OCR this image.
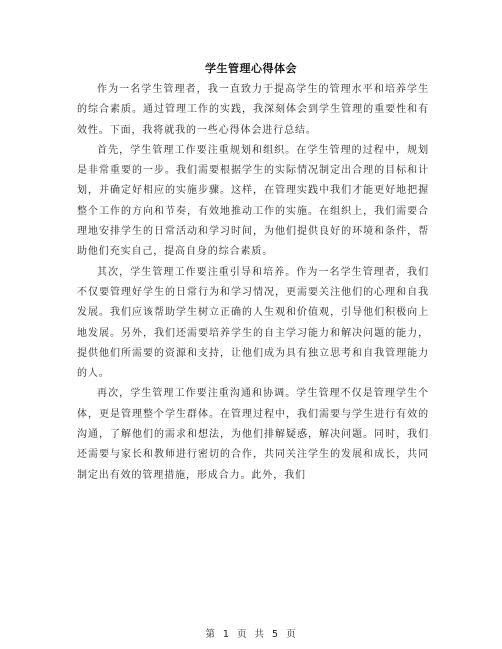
学生管理心得体会

作为一名学生管理者，我一直致力于提高学生的管理水平和培养学生的综合素质。通过管理工作的实践，我深刻体会到学生管理的重要性和有效性。下面，我将就我的一些心得体会进行总结。

首先，学生管理工作要注重规划和组织。在学生管理的过程中，规划是非常重要的一步。我们需要根据学生的实际情况制定出合理的目标和计划，并确定好相应的实施步骤。这样，在管理实践中我们才能更好地把握整个工作的方向和节奏，有效地推动工作的实施。在组织上，我们需要合理地安排学生的日常活动和学习时间，为他们提供良好的环境和条件，帮助他们充实自己，提高自身的综合素质。

其次，学生管理工作要注重引导和培养。作为一名学生管理者，我们不仅要管理好学生的日常行为和学习情况，更需要关注他们的心理和自我发展。我们应该帮助学生树立正确的人生观和价值观，引导他们积极向上地发展。另外，我们还需要培养学生的自主学习能力和解决问题的能力，提供他们所需要的资源和支持，让他们成为具有独立思考和自我管理能力的人。

再次，学生管理工作要注重沟通和协调。学生管理不仅是管理学生个体，更是管理整个学生群体。在管理过程中，我们需要与学生进行有效的沟通，了解他们的需求和想法，为他们排解疑惑，解决问题。同时，我们还需要与家长和教师进行密切的合作，共同关注学生的发展和成长，共同制定出有效的管理措施，形成合力。此外，我们

第 1 页 共 5 页
